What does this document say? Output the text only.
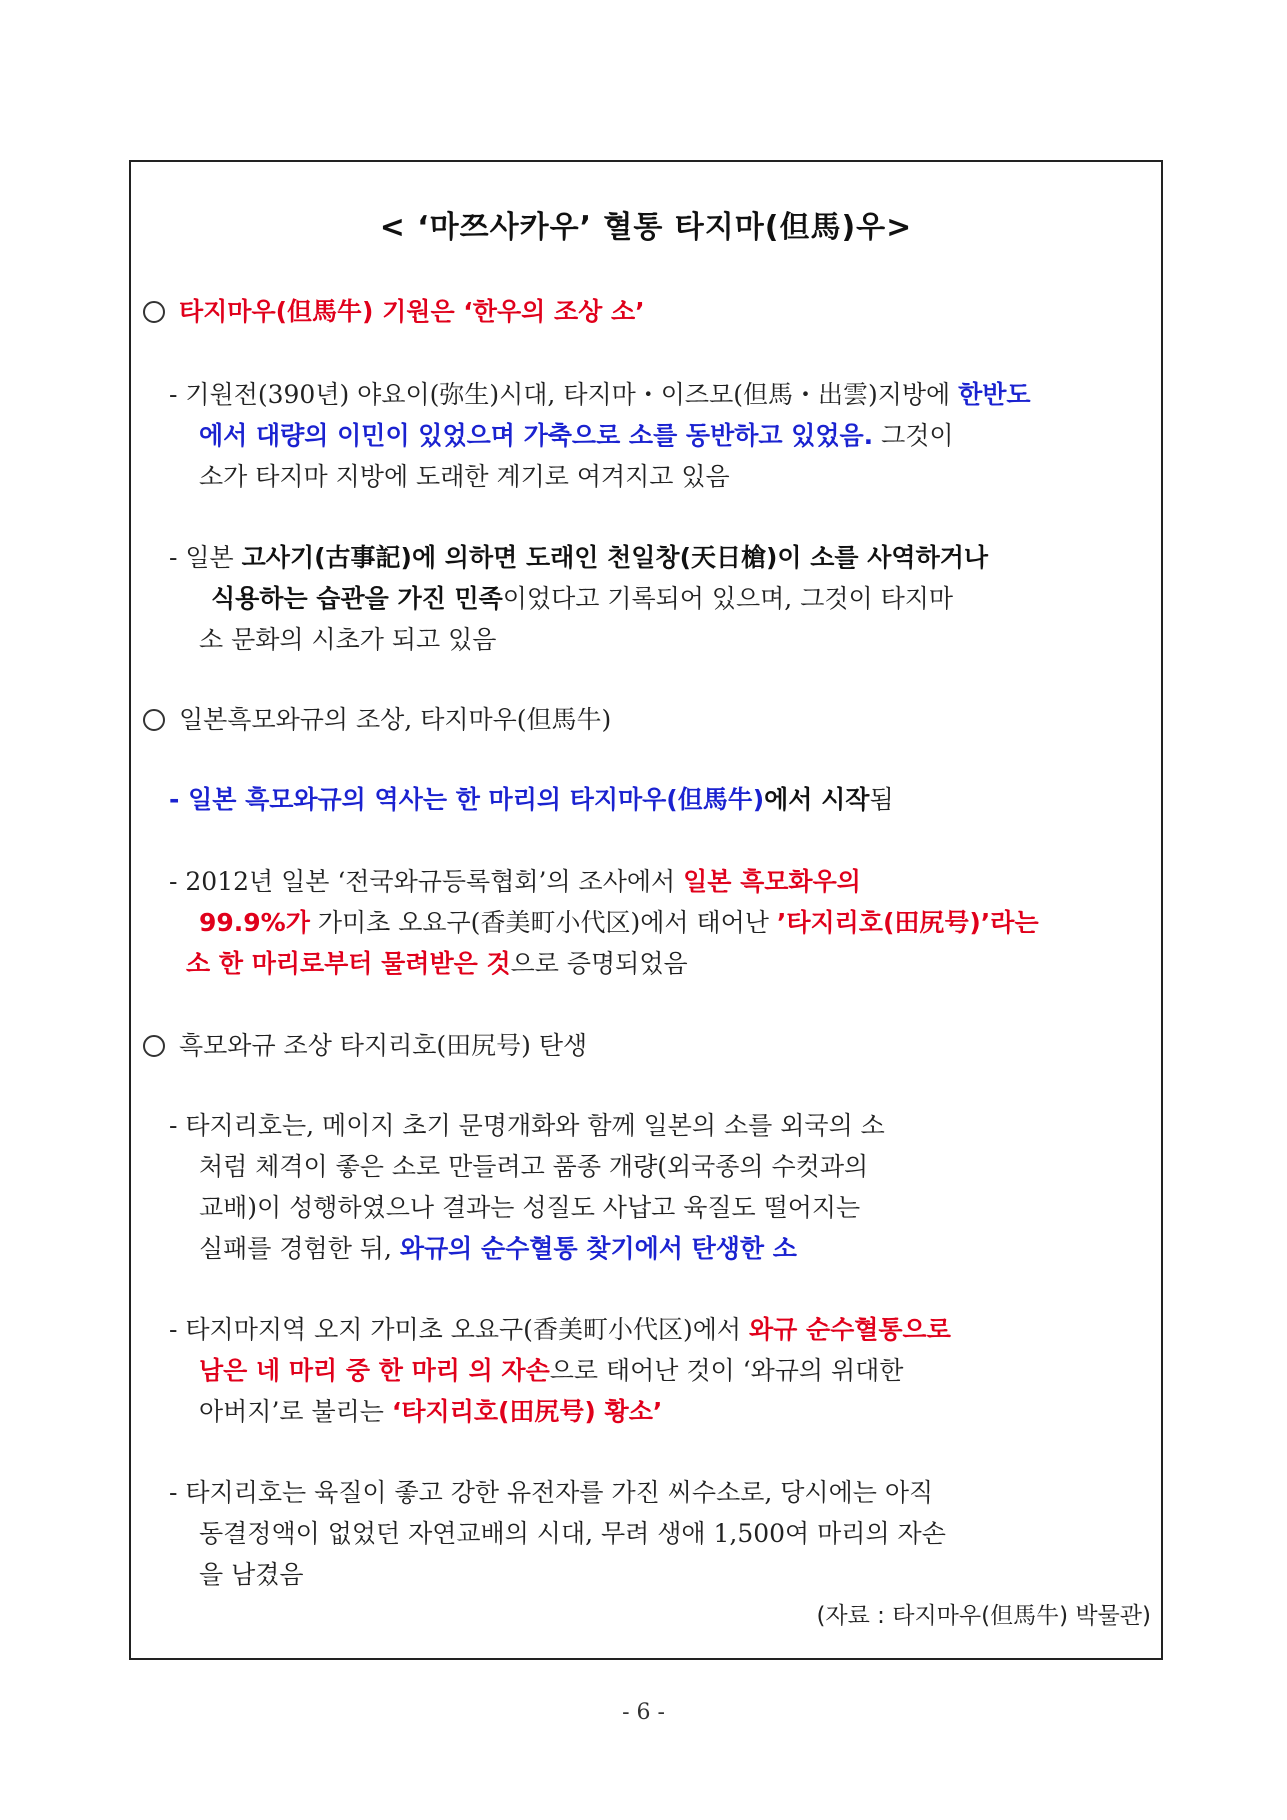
< ‘마쯔사카우’ 혈통 타지마(但馬)우>
타지마우(但馬牛) 기원은 ‘한우의 조상 소’
- 기원전(390년) 야요이(弥生)시대, 타지마・이즈모(但馬・出雲)지방에 한반도
에서 대량의 이민이 있었으며 가축으로 소를 동반하고 있었음. 그것이
소가 타지마 지방에 도래한 계기로 여겨지고 있음
- 일본 고사기(古事記)에 의하면 도래인 천일창(天日槍)이 소를 사역하거나
식용하는 습관을 가진 민족이었다고 기록되어 있으며, 그것이 타지마
소 문화의 시초가 되고 있음
일본흑모와규의 조상, 타지마우(但馬牛)
- 일본 흑모와규의 역사는 한 마리의 타지마우(但馬牛)에서 시작됨
- 2012년 일본 ‘전국와규등록협회’의 조사에서 일본 흑모화우의
99.9%가 가미초 오요구(香美町小代区)에서 태어난 ’타지리호(田尻号)’라는
소 한 마리로부터 물려받은 것으로 증명되었음
흑모와규 조상 타지리호(田尻号) 탄생
- 타지리호는, 메이지 초기 문명개화와 함께 일본의 소를 외국의 소
처럼 체격이 좋은 소로 만들려고 품종 개량(외국종의 수컷과의
교배)이 성행하였으나 결과는 성질도 사납고 육질도 떨어지는
실패를 경험한 뒤, 와규의 순수혈통 찾기에서 탄생한 소
- 타지마지역 오지 가미초 오요구(香美町小代区)에서 와규 순수혈통으로
남은 네 마리 중 한 마리 의 자손으로 태어난 것이 ‘와규의 위대한
아버지’로 불리는 ‘타지리호(田尻号) 황소’
- 타지리호는 육질이 좋고 강한 유전자를 가진 씨수소로, 당시에는 아직
동결정액이 없었던 자연교배의 시대, 무려 생애 1,500여 마리의 자손
을 남겼음
(자료 : 타지마우(但馬牛) 박물관)
- 6 -
